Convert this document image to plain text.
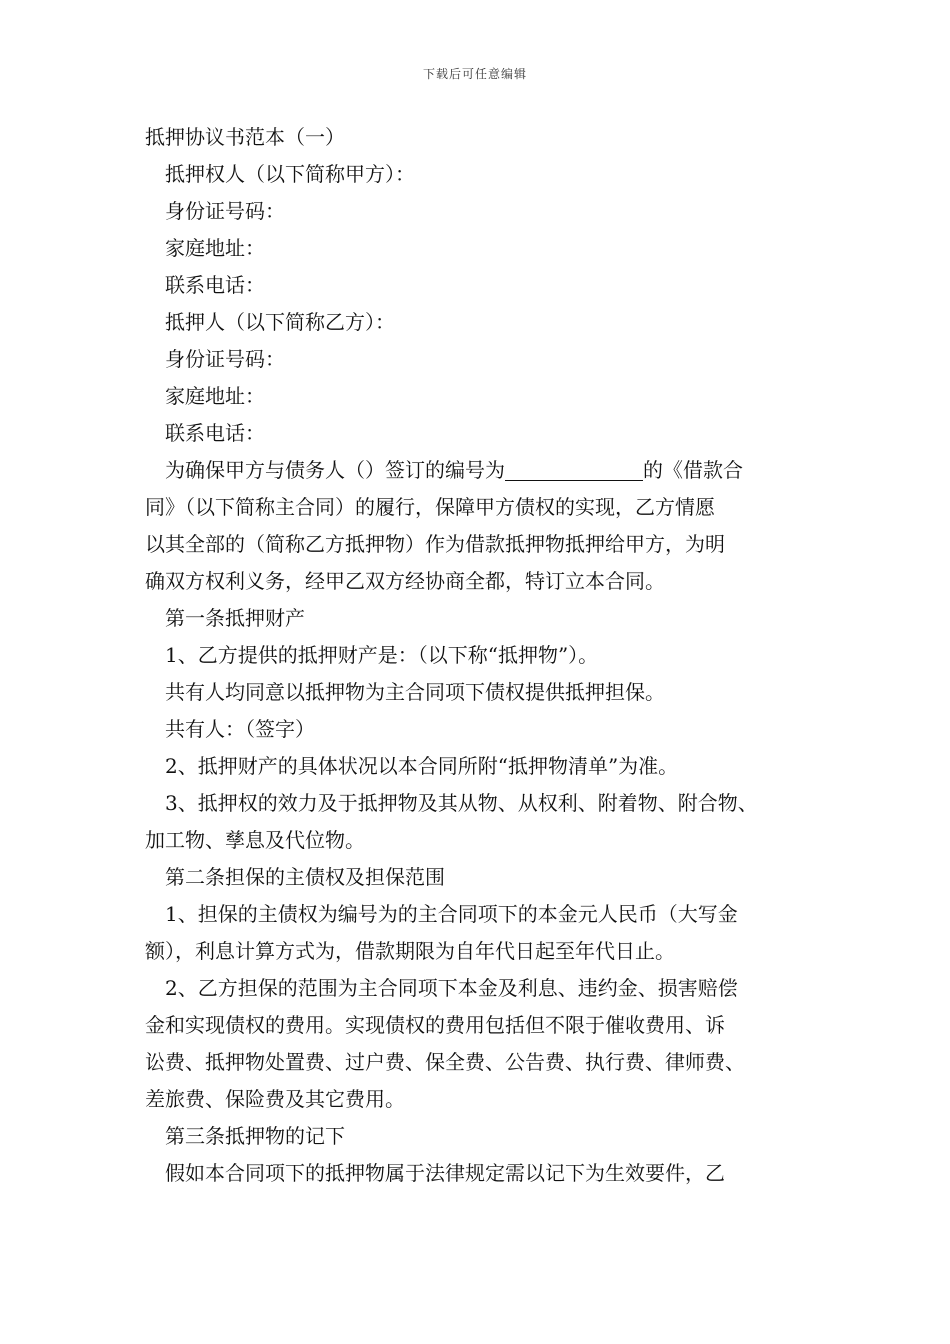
下载后可任意编辑
抵押协议书范本（一）
抵押权人（以下简称甲方）：
身份证号码：
家庭地址：
联系电话：
抵押人（以下简称乙方）：
身份证号码：
家庭地址：
联系电话：
为确保甲方与债务人（）签订的编号为	的《借款合
同》（以下简称主合同）的履行，保障甲方债权的实现，乙方情愿
以其全部的（简称乙方抵押物）作为借款抵押物抵押给甲方，为明
确双方权利义务，经甲乙双方经协商全都，特订立本合同。
第一条抵押财产
1、乙方提供的抵押财产是：（以下称“抵押物”）。
共有人均同意以抵押物为主合同项下债权提供抵押担保。
共有人：（签字）
2、抵押财产的具体状况以本合同所附“抵押物清单”为准。
3、抵押权的效力及于抵押物及其从物、从权利、附着物、附合物、
加工物、孳息及代位物。
第二条担保的主债权及担保范围
1、担保的主债权为编号为的主合同项下的本金元人民币（大写金
额），利息计算方式为，借款期限为自年代日起至年代日止。
2、乙方担保的范围为主合同项下本金及利息、违约金、损害赔偿
金和实现债权的费用。实现债权的费用包括但不限于催收费用、诉
讼费、抵押物处置费、过户费、保全费、公告费、执行费、律师费、
差旅费、保险费及其它费用。
第三条抵押物的记下
假如本合同项下的抵押物属于法律规定需以记下为生效要件，乙
